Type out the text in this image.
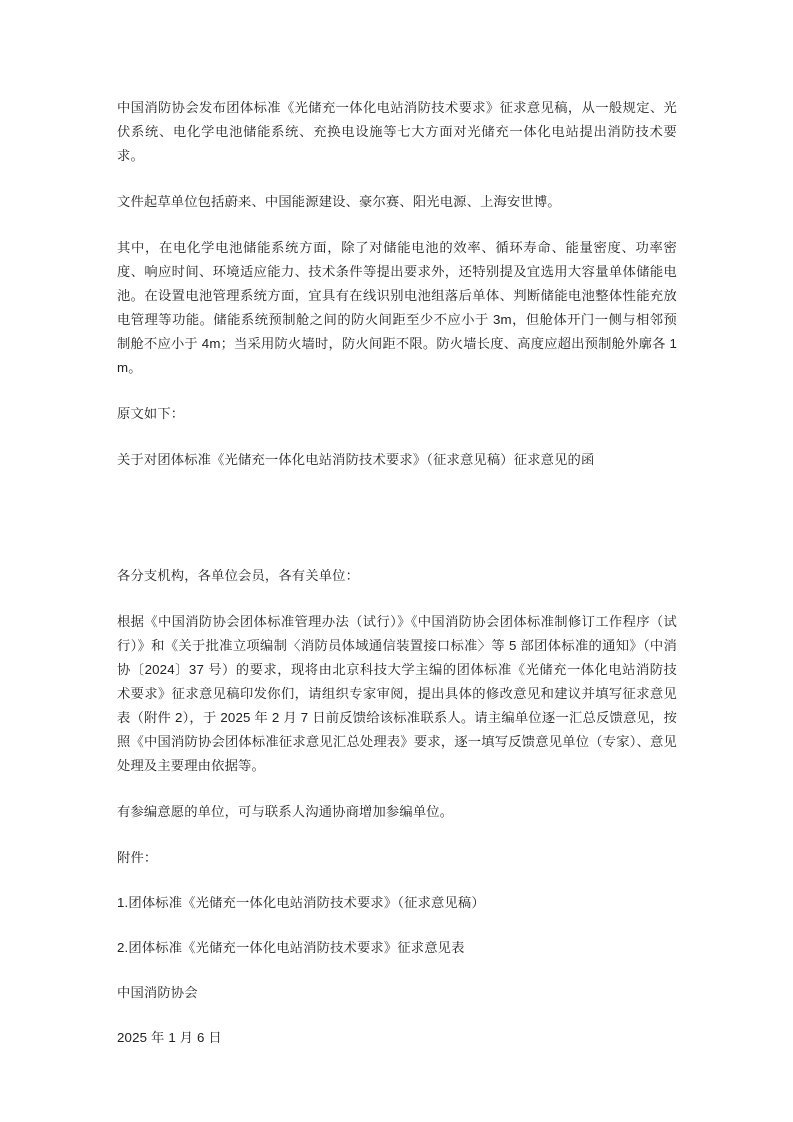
中国消防协会发布团体标准《光储充一体化电站消防技术要求》征求意见稿，从一般规定、光伏系统、电化学电池储能系统、充换电设施等七大方面对光储充一体化电站提出消防技术要求。

文件起草单位包括蔚来、中国能源建设、豪尔赛、阳光电源、上海安世博。

其中，在电化学电池储能系统方面，除了对储能电池的效率、循环寿命、能量密度、功率密度、响应时间、环境适应能力、技术条件等提出要求外，还特别提及宜选用大容量单体储能电池。在设置电池管理系统方面，宜具有在线识别电池组落后单体、判断储能电池整体性能充放电管理等功能。储能系统预制舱之间的防火间距至少不应小于 3m，但舱体开门一侧与相邻预制舱不应小于 4m；当采用防火墙时，防火间距不限。防火墙长度、高度应超出预制舱外廓各 1m。

原文如下：

关于对团体标准《光储充一体化电站消防技术要求》（征求意见稿）征求意见的函

各分支机构，各单位会员，各有关单位：

根据《中国消防协会团体标准管理办法（试行）》《中国消防协会团体标准制修订工作程序（试行）》和《关于批准立项编制〈消防员体域通信装置接口标准〉等 5 部团体标准的通知》（中消协〔2024〕37 号）的要求，现将由北京科技大学主编的团体标准《光储充一体化电站消防技术要求》征求意见稿印发你们，请组织专家审阅，提出具体的修改意见和建议并填写征求意见表（附件 2），于 2025 年 2 月 7 日前反馈给该标准联系人。请主编单位逐一汇总反馈意见，按照《中国消防协会团体标准征求意见汇总处理表》要求，逐一填写反馈意见单位（专家）、意见处理及主要理由依据等。

有参编意愿的单位，可与联系人沟通协商增加参编单位。

附件：

1.团体标准《光储充一体化电站消防技术要求》（征求意见稿）

2.团体标准《光储充一体化电站消防技术要求》征求意见表

中国消防协会

2025 年 1 月 6 日
